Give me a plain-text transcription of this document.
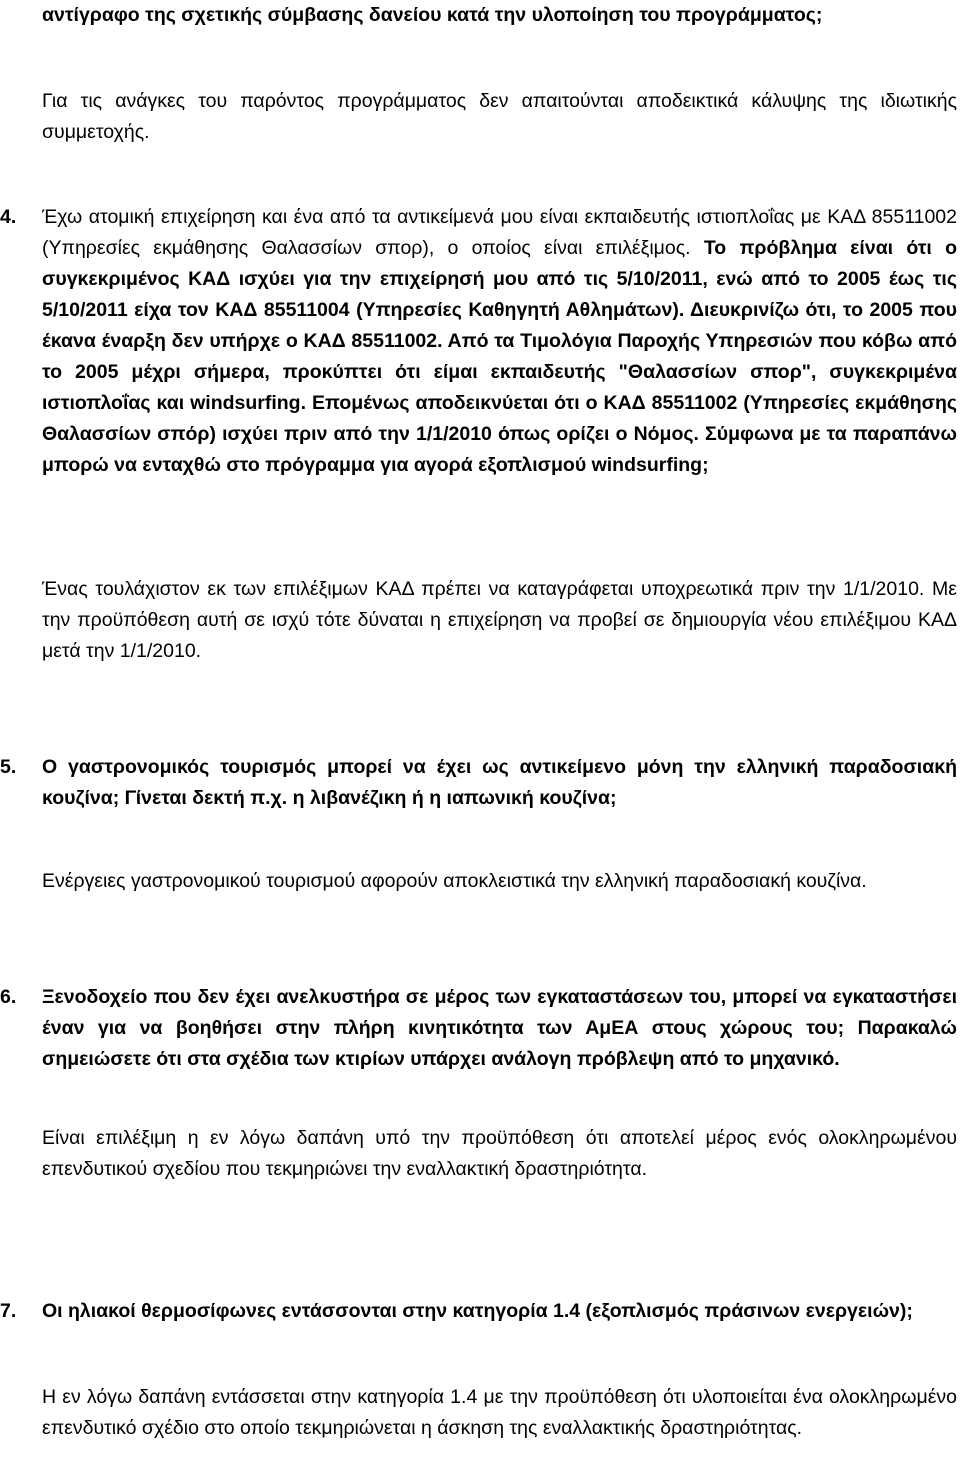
αντίγραφο της σχετικής σύμβασης δανείου κατά την υλοποίηση του προγράμματος;

Για τις ανάγκες του παρόντος προγράμματος δεν απαιτούνται αποδεικτικά κάλυψης της ιδιωτικής συμμετοχής.

4. Έχω ατομική επιχείρηση και ένα από τα αντικείμενά μου είναι εκπαιδευτής ιστιοπλοΐας με ΚΑΔ 85511002 (Υπηρεσίες εκμάθησης Θαλασσίων σπορ), ο οποίος είναι επιλέξιμος. Το πρόβλημα είναι ότι ο συγκεκριμένος ΚΑΔ ισχύει για την επιχείρησή μου από τις 5/10/2011, ενώ από το 2005 έως τις 5/10/2011 είχα τον ΚΑΔ 85511004 (Υπηρεσίες Καθηγητή Αθλημάτων). Διευκρινίζω ότι, το 2005 που έκανα έναρξη δεν υπήρχε ο ΚΑΔ 85511002. Από τα Τιμολόγια Παροχής Υπηρεσιών που κόβω από το 2005 μέχρι σήμερα, προκύπτει ότι είμαι εκπαιδευτής "Θαλασσίων σπορ", συγκεκριμένα ιστιοπλοΐας και windsurfing. Επομένως αποδεικνύεται ότι ο ΚΑΔ 85511002 (Υπηρεσίες εκμάθησης Θαλασσίων σπόρ) ισχύει πριν από την 1/1/2010 όπως ορίζει ο Νόμος. Σύμφωνα με τα παραπάνω μπορώ να ενταχθώ στο πρόγραμμα για αγορά εξοπλισμού windsurfing;

Ένας τουλάχιστον εκ των επιλέξιμων ΚΑΔ πρέπει να καταγράφεται υποχρεωτικά πριν την 1/1/2010. Με την προϋπόθεση αυτή σε ισχύ τότε δύναται η επιχείρηση να προβεί σε δημιουργία νέου επιλέξιμου ΚΑΔ μετά την 1/1/2010.

5. Ο γαστρονομικός τουρισμός μπορεί να έχει ως αντικείμενο μόνη την ελληνική παραδοσιακή κουζίνα; Γίνεται δεκτή π.χ. η λιβανέζικη ή η ιαπωνική κουζίνα;

Ενέργειες γαστρονομικού τουρισμού αφορούν αποκλειστικά την ελληνική παραδοσιακή κουζίνα.

6. Ξενοδοχείο που δεν έχει ανελκυστήρα σε μέρος των εγκαταστάσεων του, μπορεί να εγκαταστήσει έναν για να βοηθήσει στην πλήρη κινητικότητα των ΑμΕΑ στους χώρους του; Παρακαλώ σημειώσετε ότι στα σχέδια των κτιρίων υπάρχει ανάλογη πρόβλεψη από το μηχανικό.

Είναι επιλέξιμη η εν λόγω δαπάνη υπό την προϋπόθεση ότι αποτελεί μέρος ενός ολοκληρωμένου επενδυτικού σχεδίου που τεκμηριώνει την εναλλακτική δραστηριότητα.

7. Οι ηλιακοί θερμοσίφωνες εντάσσονται στην κατηγορία 1.4 (εξοπλισμός πράσινων ενεργειών);

Η εν λόγω δαπάνη εντάσσεται στην κατηγορία 1.4 με την προϋπόθεση ότι υλοποιείται ένα ολοκληρωμένο επενδυτικό σχέδιο στο οποίο τεκμηριώνεται η άσκηση της εναλλακτικής δραστηριότητας.
